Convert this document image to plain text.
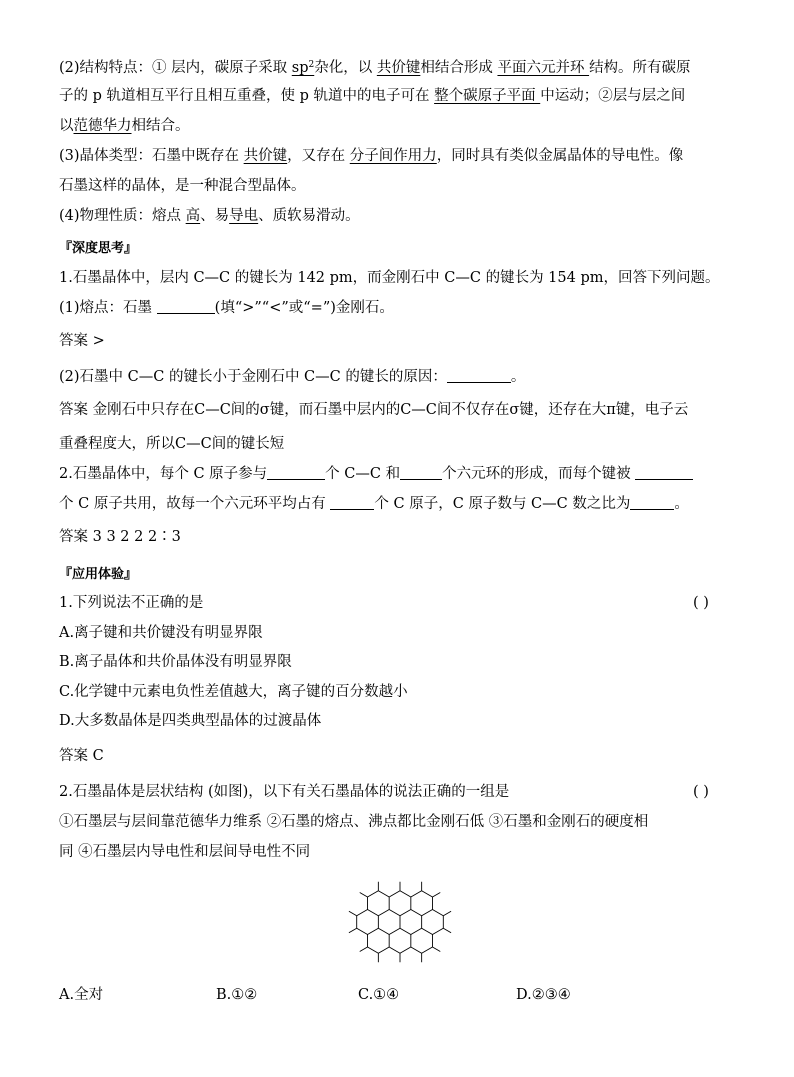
(2)结构特点：① 层内，碳原子采取 $sp^2$杂化，以 共价键相结合形成 平面六元并环 结构。所有碳原
子的 p 轨道相互平行且相互重叠，使 p 轨道中的电子可在 整个碳原子平面 中运动；②层与层之间
以范德华力相结合。
(3)晶体类型：石墨中既存在 共价键，又存在 分子间作用力，同时具有类似金属晶体的导电性。像
石墨这样的晶体，是一种混合型晶体。
(4)物理性质：熔点 高、易导电、质软易滑动。
『深度思考』
1.石墨晶体中，层内 C—C 的键长为 142 pm，而金刚石中 C—C 的键长为 154 pm，回答下列问题。
(1)熔点：石墨	(填“>”“<”或“=”)金刚石。
答案 >
(2)石墨中 C—C 的键长小于金刚石中 C—C 的键长的原因：	。
答案 金刚石中只存在C—C间的σ键，而石墨中层内的C—C间不仅存在σ键，还存在大π键，电子云
重叠程度大，所以C—C间的键长短
2.石墨晶体中，每个 C 原子参与	个 C—C 和	个六元环的形成，而每个键被
个 C 原子共用，故每一个六元环平均占有	个 C 原子，C 原子数与 C—C 数之比为	。
答案 3 3 2 2 2∶3
『应用体验』
1.下列说法不正确的是	( )
A.离子键和共价键没有明显界限
B.离子晶体和共价晶体没有明显界限
C.化学键中元素电负性差值越大，离子键的百分数越小
D.大多数晶体是四类典型晶体的过渡晶体
答案 C
2.石墨晶体是层状结构 (如图)，以下有关石墨晶体的说法正确的一组是	( )
①石墨层与层间靠范德华力维系 ②石墨的熔点、沸点都比金刚石低 ③石墨和金刚石的硬度相
同 ④石墨层内导电性和层间导电性不同
A.全对	B.①②	C.①④	D.②③④
